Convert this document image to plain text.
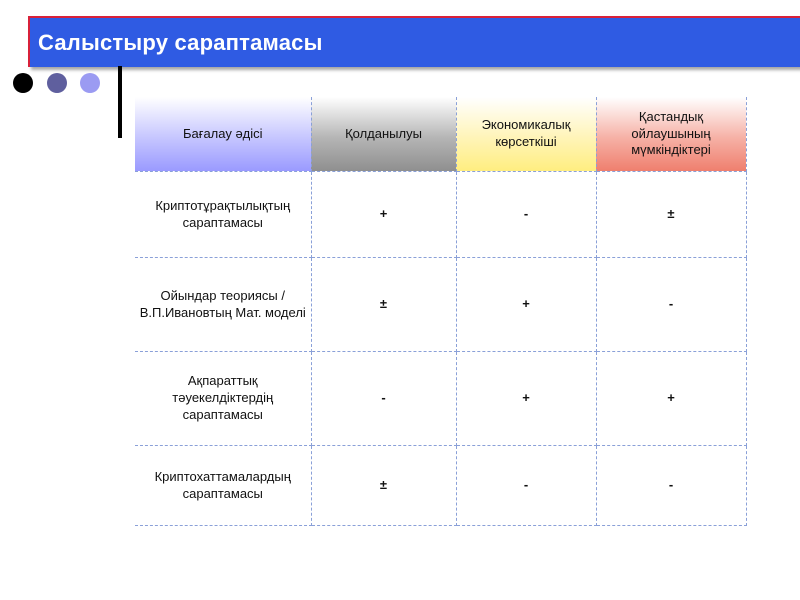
Салыстыру сараптамасы
Бағалау әдісі	Қолданылуы	Экономикалық көрсеткіші	Қастандық ойлаушының мүмкіндіктері
Криптотұрақтылықтың сараптамасы	+	-	±
Ойындар теориясы / В.П.Ивановтың Мат. моделі	±	+	-
Ақпараттық тәуекелдіктердің сараптамасы	-	+	+
Криптохаттамалардың сараптамасы	±	-	-
